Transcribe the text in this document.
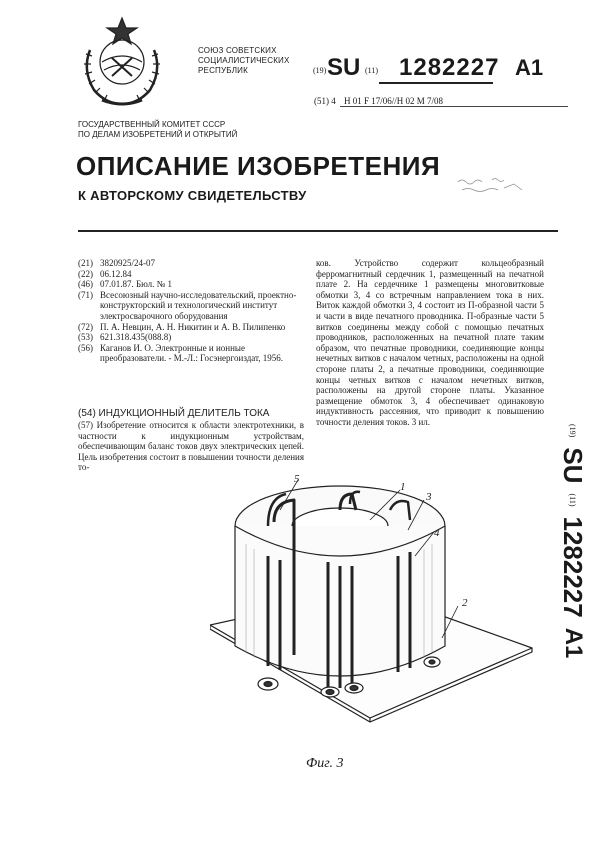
СОЮЗ СОВЕТСКИХ
СОЦИАЛИСТИЧЕСКИХ
РЕСПУБЛИК	(19) SU (11) 1282227 A1
(51) 4 H 01 F 17/06//H 02 M 7/08
ГОСУДАРСТВЕННЫЙ КОМИТЕТ СССР
ПО ДЕЛАМ ИЗОБРЕТЕНИЙ И ОТКРЫТИЙ
ОПИСАНИЕ ИЗОБРЕТЕНИЯ
К АВТОРСКОМУ СВИДЕТЕЛЬСТВУ
(21) 3820925/24-07
(22) 06.12.84
(46) 07.01.87. Бюл. № 1
(71) Всесоюзный научно-исследовательский, проектно-конструкторский и технологический институт электросварочного оборудования
(72) П. А. Невцин, А. Н. Никитин и А. В. Пилипенко
(53) 621.318.435(088.8)
(56) Каганов И. О. Электронные и ионные преобразователи. - М.-Л.: Госэнергоиздат, 1956.
(54) ИНДУКЦИОННЫЙ ДЕЛИТЕЛЬ ТОКА
(57) Изобретение относится к области электротехники, в частности к индукционным устройствам, обеспечивающим баланс токов двух электрических цепей. Цель изобретения состоит в повышении точности деления то-
ков. Устройство содержит кольцеобразный ферромагнитный сердечник 1, размещенный на печатной плате 2. На сердечнике 1 размещены многовитковые обмотки 3, 4 со встречным направлением тока в них. Виток каждой обмотки 3, 4 состоит из П-образной части 5 и части в виде печатного проводника. П-образные части 5 витков соединены между собой с помощью печатных проводников, расположенных на печатной плате таким образом, что печатные проводники, соединяющие концы нечетных витков с началом четных, расположены на одной стороне платы 2, а печатные проводники, соединяющие концы четных витков с началом нечетных витков, расположены на другой стороне платы. Указанное размещение обмоток 3, 4 обеспечивает одинаковую индуктивность рассеяния, что приводит к повышению точности деления токов. 3 ил.
(19)
SU
(11)
1282227
A1
5
1
3
4
2
Фиг. 3
